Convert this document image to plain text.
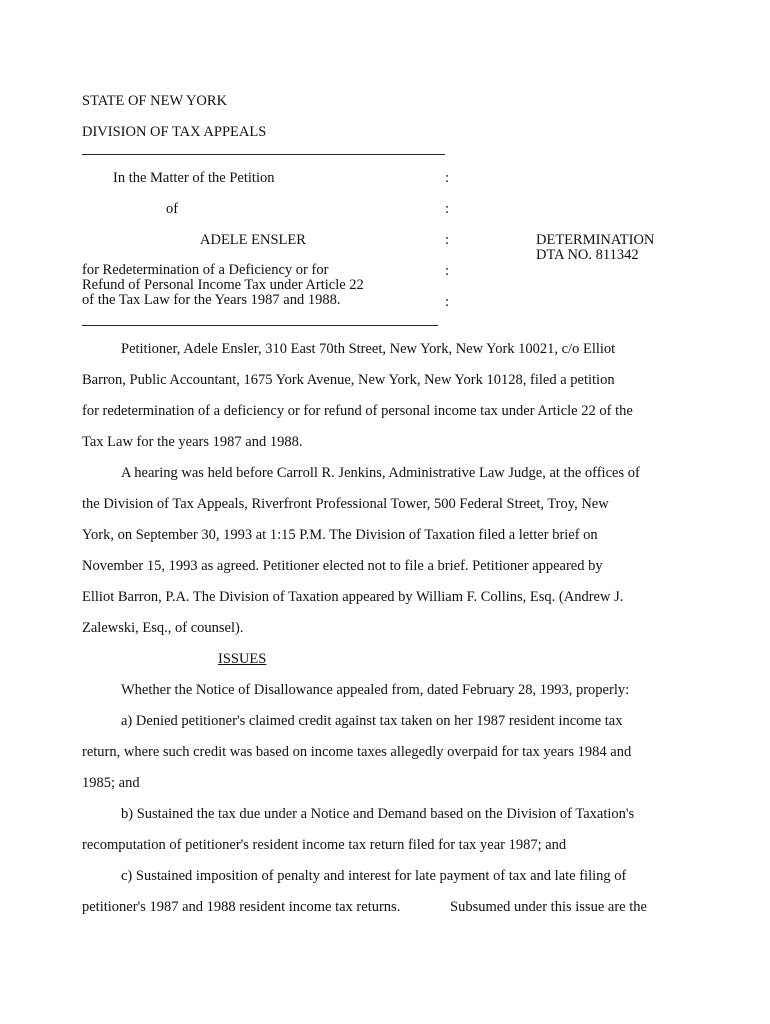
STATE OF NEW YORK
DIVISION OF TAX APPEALS
In the Matter of the Petition	:
of	:
ADELE ENSLER	:	DETERMINATION
DTA NO. 811342
for Redetermination of a Deficiency or for
Refund of Personal Income Tax under Article 22
of the Tax Law for the Years 1987 and 1988.
:
:
Petitioner, Adele Ensler, 310 East 70th Street, New York, New York 10021, c/o Elliot
Barron, Public Accountant, 1675 York Avenue, New York, New York 10128, filed a petition
for redetermination of a deficiency or for refund of personal income tax under Article 22 of the
Tax Law for the years 1987 and 1988.
A hearing was held before Carroll R. Jenkins, Administrative Law Judge, at the offices of
the Division of Tax Appeals, Riverfront Professional Tower, 500 Federal Street, Troy, New
York, on September 30, 1993 at 1:15 P.M. The Division of Taxation filed a letter brief on
November 15, 1993 as agreed. Petitioner elected not to file a brief. Petitioner appeared by
Elliot Barron, P.A. The Division of Taxation appeared by William F. Collins, Esq. (Andrew J.
Zalewski, Esq., of counsel).
ISSUES
Whether the Notice of Disallowance appealed from, dated February 28, 1993, properly:
a) Denied petitioner's claimed credit against tax taken on her 1987 resident income tax
return, where such credit was based on income taxes allegedly overpaid for tax years 1984 and
1985; and
b) Sustained the tax due under a Notice and Demand based on the Division of Taxation's
recomputation of petitioner's resident income tax return filed for tax year 1987; and
c) Sustained imposition of penalty and interest for late payment of tax and late filing of
petitioner's 1987 and 1988 resident income tax returns.	Subsumed under this issue are the
